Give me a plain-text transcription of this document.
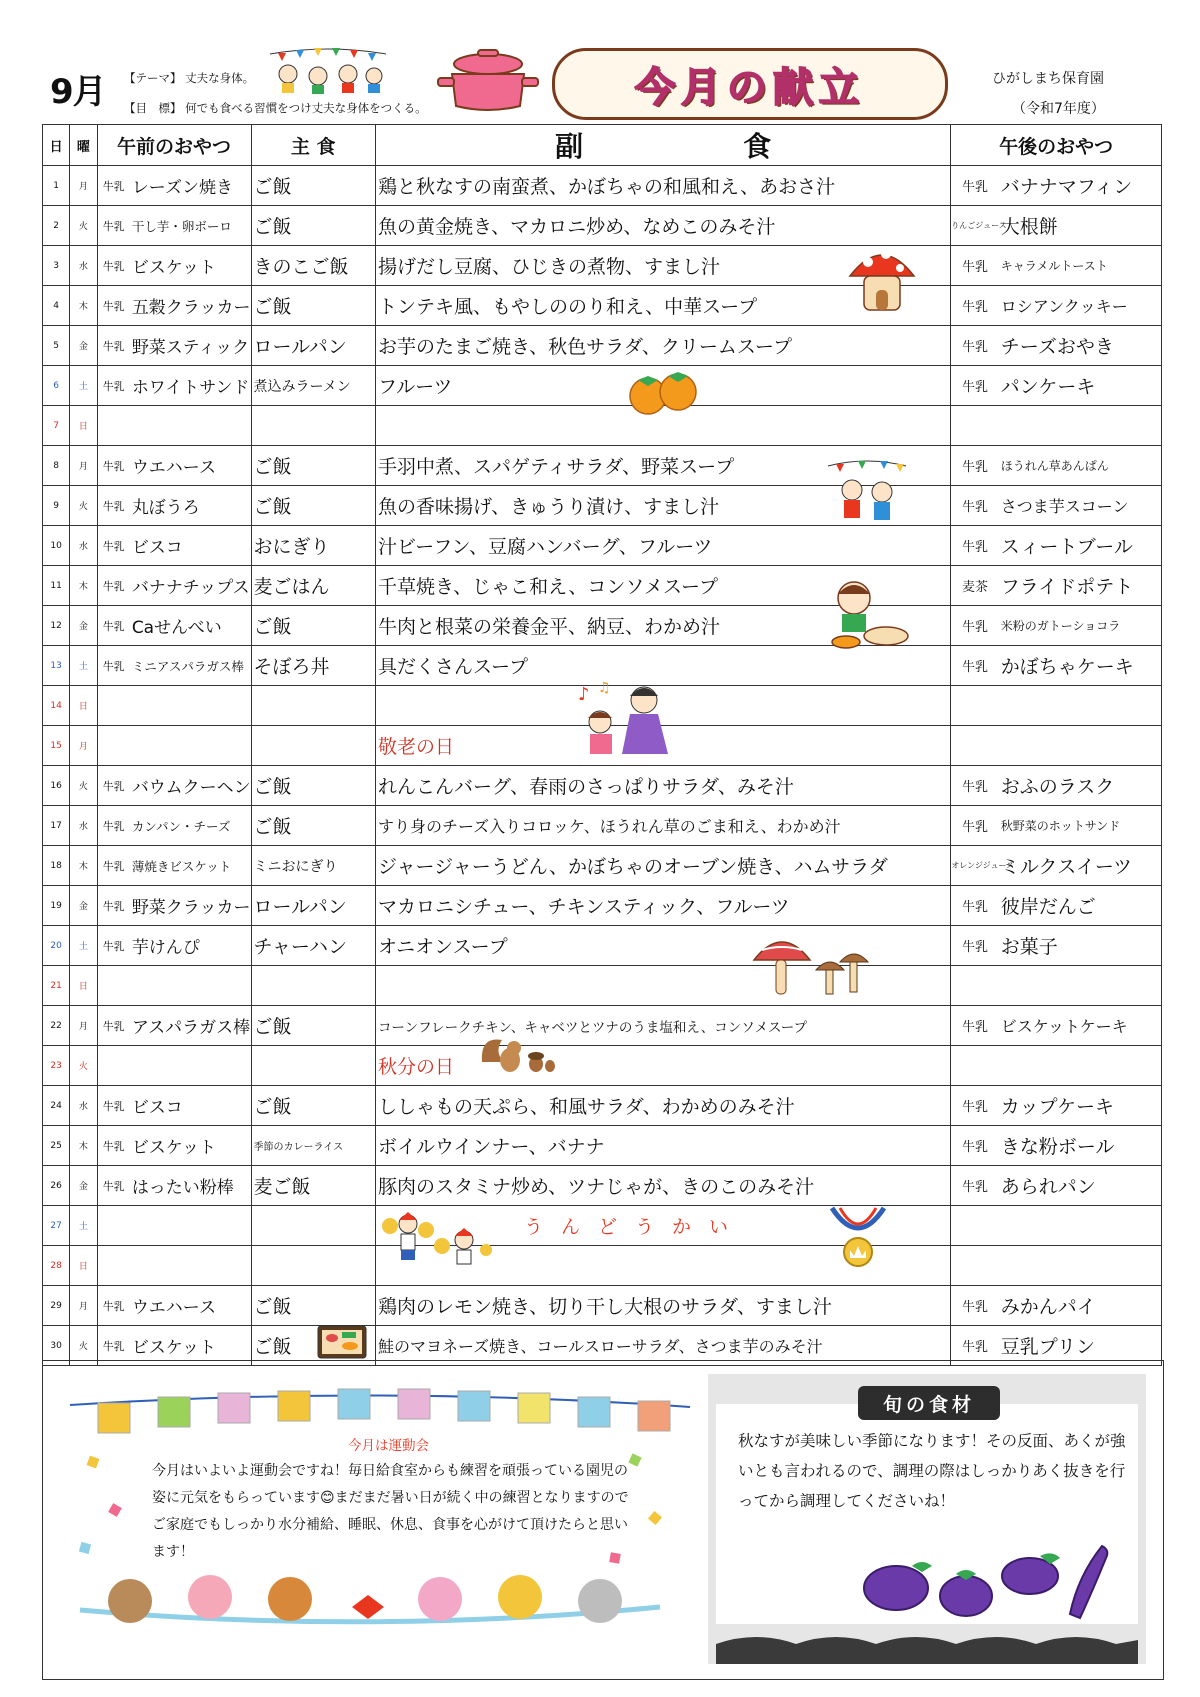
9月 【テーマ】 丈夫な身体。
【目　標】 何でも食べる習慣をつけ丈夫な身体をつくる。	今月の献立	ひがしまち保育園
（令和7年度）
日	曜	午前のおやつ		主 食	副食	午後のおやつ	
1	月	牛乳	レーズン焼き	ご飯	鶏と秋なすの南蛮煮、かぼちゃの和風和え、あおさ汁	牛乳	バナナマフィン
2	火	牛乳	干し芋・卵ボーロ	ご飯	魚の黄金焼き、マカロニ炒め、なめこのみそ汁	りんごジュース	大根餅
3	水	牛乳	ビスケット	きのこご飯	揚げだし豆腐、ひじきの煮物、すまし汁	牛乳	キャラメルトースト
4	木	牛乳	五穀クラッカー	ご飯	トンテキ風、もやしののり和え、中華スープ	牛乳	ロシアンクッキー
5	金	牛乳	野菜スティック	ロールパン	お芋のたまご焼き、秋色サラダ、クリームスープ	牛乳	チーズおやき
6	土	牛乳	ホワイトサンド	煮込みラーメン	フルーツ	牛乳	パンケーキ
7	日						
8	月	牛乳	ウエハース	ご飯	手羽中煮、スパゲティサラダ、野菜スープ	牛乳	ほうれん草あんぱん
9	火	牛乳	丸ぼうろ	ご飯	魚の香味揚げ、きゅうり漬け、すまし汁	牛乳	さつま芋スコーン
10	水	牛乳	ビスコ	おにぎり	汁ビーフン、豆腐ハンバーグ、フルーツ	牛乳	スィートブール
11	木	牛乳	バナナチップス	麦ごはん	千草焼き、じゃこ和え、コンソメスープ	麦茶	フライドポテト
12	金	牛乳	Caせんべい	ご飯	牛肉と根菜の栄養金平、納豆、わかめ汁	牛乳	米粉のガトーショコラ
13	土	牛乳	ミニアスパラガス棒	そぼろ丼	具だくさんスープ	牛乳	かぼちゃケーキ
14	日						
15	月				敬老の日		
16	火	牛乳	バウムクーヘン	ご飯	れんこんバーグ、春雨のさっぱりサラダ、みそ汁	牛乳	おふのラスク
17	水	牛乳	カンパン・チーズ	ご飯	すり身のチーズ入りコロッケ、ほうれん草のごま和え、わかめ汁	牛乳	秋野菜のホットサンド
18	木	牛乳	薄焼きビスケット	ミニおにぎり	ジャージャーうどん、かぼちゃのオーブン焼き、ハムサラダ	オレンジジュース	ミルクスイーツ
19	金	牛乳	野菜クラッカー	ロールパン	マカロニシチュー、チキンスティック、フルーツ	牛乳	彼岸だんご
20	土	牛乳	芋けんぴ	チャーハン	オニオンスープ	牛乳	お菓子
21	日						
22	月	牛乳	アスパラガス棒	ご飯	コーンフレークチキン、キャベツとツナのうま塩和え、コンソメスープ	牛乳	ビスケットケーキ
23	火				秋分の日		
24	水	牛乳	ビスコ	ご飯	ししゃもの天ぷら、和風サラダ、わかめのみそ汁	牛乳	カップケーキ
25	木	牛乳	ビスケット	季節のカレーライス	ボイルウインナー、バナナ	牛乳	きな粉ボール
26	金	牛乳	はったい粉棒	麦ご飯	豚肉のスタミナ炒め、ツナじゃが、きのこのみそ汁	牛乳	あられパン
27	土				うんどうかい		
28	日						
29	月	牛乳	ウエハース	ご飯	鶏肉のレモン焼き、切り干し大根のサラダ、すまし汁	牛乳	みかんパイ
30	火	牛乳	ビスケット	ご飯	鮭のマヨネーズ焼き、コールスローサラダ、さつま芋のみそ汁	牛乳	豆乳プリン
♪ ♫
今月は運動会
今月はいよいよ運動会ですね！毎日給食室からも練習を頑張っている園児の姿に元気をもらっています😊まだまだ暑い日が続く中の練習となりますのでご家庭でもしっかり水分補給、睡眠、休息、食事を心がけて頂けたらと思います！
旬の食材
秋なすが美味しい季節になります！その反面、あくが強いとも言われるので、調理の際はしっかりあく抜きを行ってから調理してくださいね！
